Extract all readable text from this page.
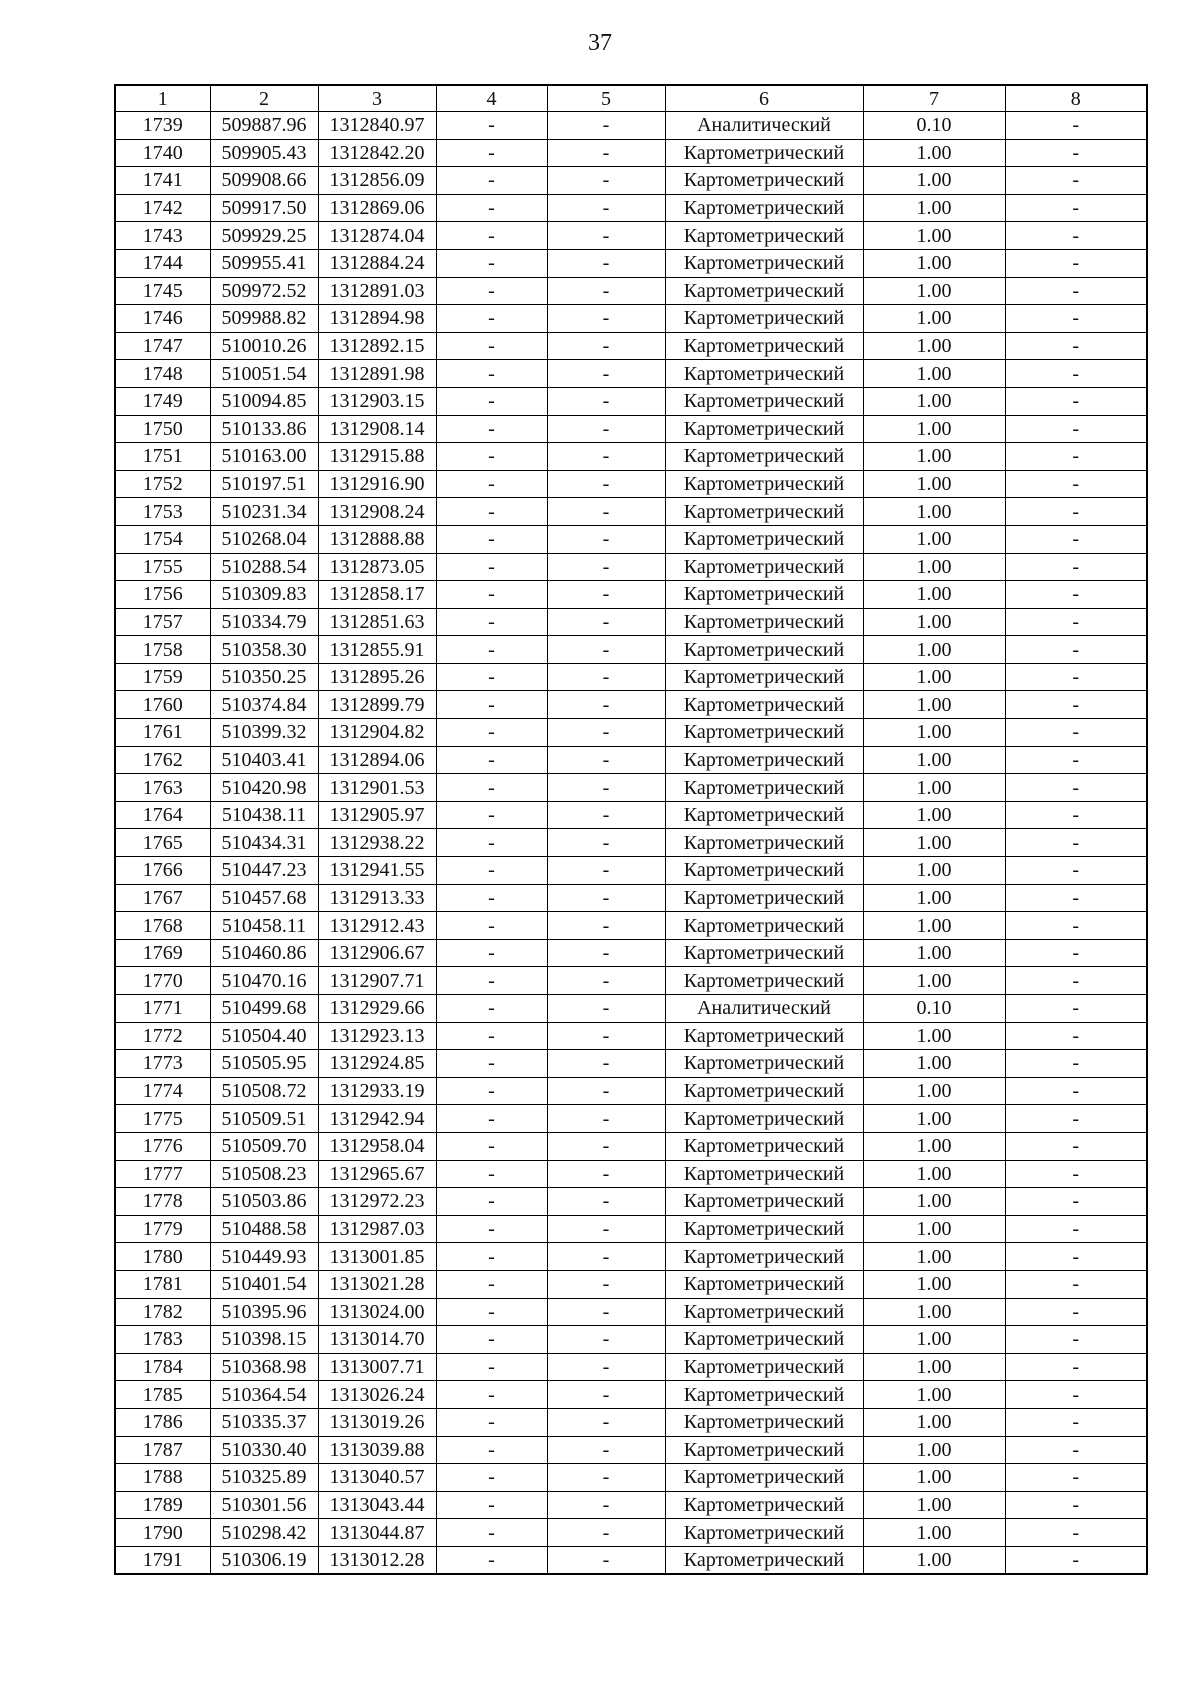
37
1	2	3	4	5	6	7	8
1739	509887.96	1312840.97	-	-	Аналитический	0.10	-
1740	509905.43	1312842.20	-	-	Картометрический	1.00	-
1741	509908.66	1312856.09	-	-	Картометрический	1.00	-
1742	509917.50	1312869.06	-	-	Картометрический	1.00	-
1743	509929.25	1312874.04	-	-	Картометрический	1.00	-
1744	509955.41	1312884.24	-	-	Картометрический	1.00	-
1745	509972.52	1312891.03	-	-	Картометрический	1.00	-
1746	509988.82	1312894.98	-	-	Картометрический	1.00	-
1747	510010.26	1312892.15	-	-	Картометрический	1.00	-
1748	510051.54	1312891.98	-	-	Картометрический	1.00	-
1749	510094.85	1312903.15	-	-	Картометрический	1.00	-
1750	510133.86	1312908.14	-	-	Картометрический	1.00	-
1751	510163.00	1312915.88	-	-	Картометрический	1.00	-
1752	510197.51	1312916.90	-	-	Картометрический	1.00	-
1753	510231.34	1312908.24	-	-	Картометрический	1.00	-
1754	510268.04	1312888.88	-	-	Картометрический	1.00	-
1755	510288.54	1312873.05	-	-	Картометрический	1.00	-
1756	510309.83	1312858.17	-	-	Картометрический	1.00	-
1757	510334.79	1312851.63	-	-	Картометрический	1.00	-
1758	510358.30	1312855.91	-	-	Картометрический	1.00	-
1759	510350.25	1312895.26	-	-	Картометрический	1.00	-
1760	510374.84	1312899.79	-	-	Картометрический	1.00	-
1761	510399.32	1312904.82	-	-	Картометрический	1.00	-
1762	510403.41	1312894.06	-	-	Картометрический	1.00	-
1763	510420.98	1312901.53	-	-	Картометрический	1.00	-
1764	510438.11	1312905.97	-	-	Картометрический	1.00	-
1765	510434.31	1312938.22	-	-	Картометрический	1.00	-
1766	510447.23	1312941.55	-	-	Картометрический	1.00	-
1767	510457.68	1312913.33	-	-	Картометрический	1.00	-
1768	510458.11	1312912.43	-	-	Картометрический	1.00	-
1769	510460.86	1312906.67	-	-	Картометрический	1.00	-
1770	510470.16	1312907.71	-	-	Картометрический	1.00	-
1771	510499.68	1312929.66	-	-	Аналитический	0.10	-
1772	510504.40	1312923.13	-	-	Картометрический	1.00	-
1773	510505.95	1312924.85	-	-	Картометрический	1.00	-
1774	510508.72	1312933.19	-	-	Картометрический	1.00	-
1775	510509.51	1312942.94	-	-	Картометрический	1.00	-
1776	510509.70	1312958.04	-	-	Картометрический	1.00	-
1777	510508.23	1312965.67	-	-	Картометрический	1.00	-
1778	510503.86	1312972.23	-	-	Картометрический	1.00	-
1779	510488.58	1312987.03	-	-	Картометрический	1.00	-
1780	510449.93	1313001.85	-	-	Картометрический	1.00	-
1781	510401.54	1313021.28	-	-	Картометрический	1.00	-
1782	510395.96	1313024.00	-	-	Картометрический	1.00	-
1783	510398.15	1313014.70	-	-	Картометрический	1.00	-
1784	510368.98	1313007.71	-	-	Картометрический	1.00	-
1785	510364.54	1313026.24	-	-	Картометрический	1.00	-
1786	510335.37	1313019.26	-	-	Картометрический	1.00	-
1787	510330.40	1313039.88	-	-	Картометрический	1.00	-
1788	510325.89	1313040.57	-	-	Картометрический	1.00	-
1789	510301.56	1313043.44	-	-	Картометрический	1.00	-
1790	510298.42	1313044.87	-	-	Картометрический	1.00	-
1791	510306.19	1313012.28	-	-	Картометрический	1.00	-
